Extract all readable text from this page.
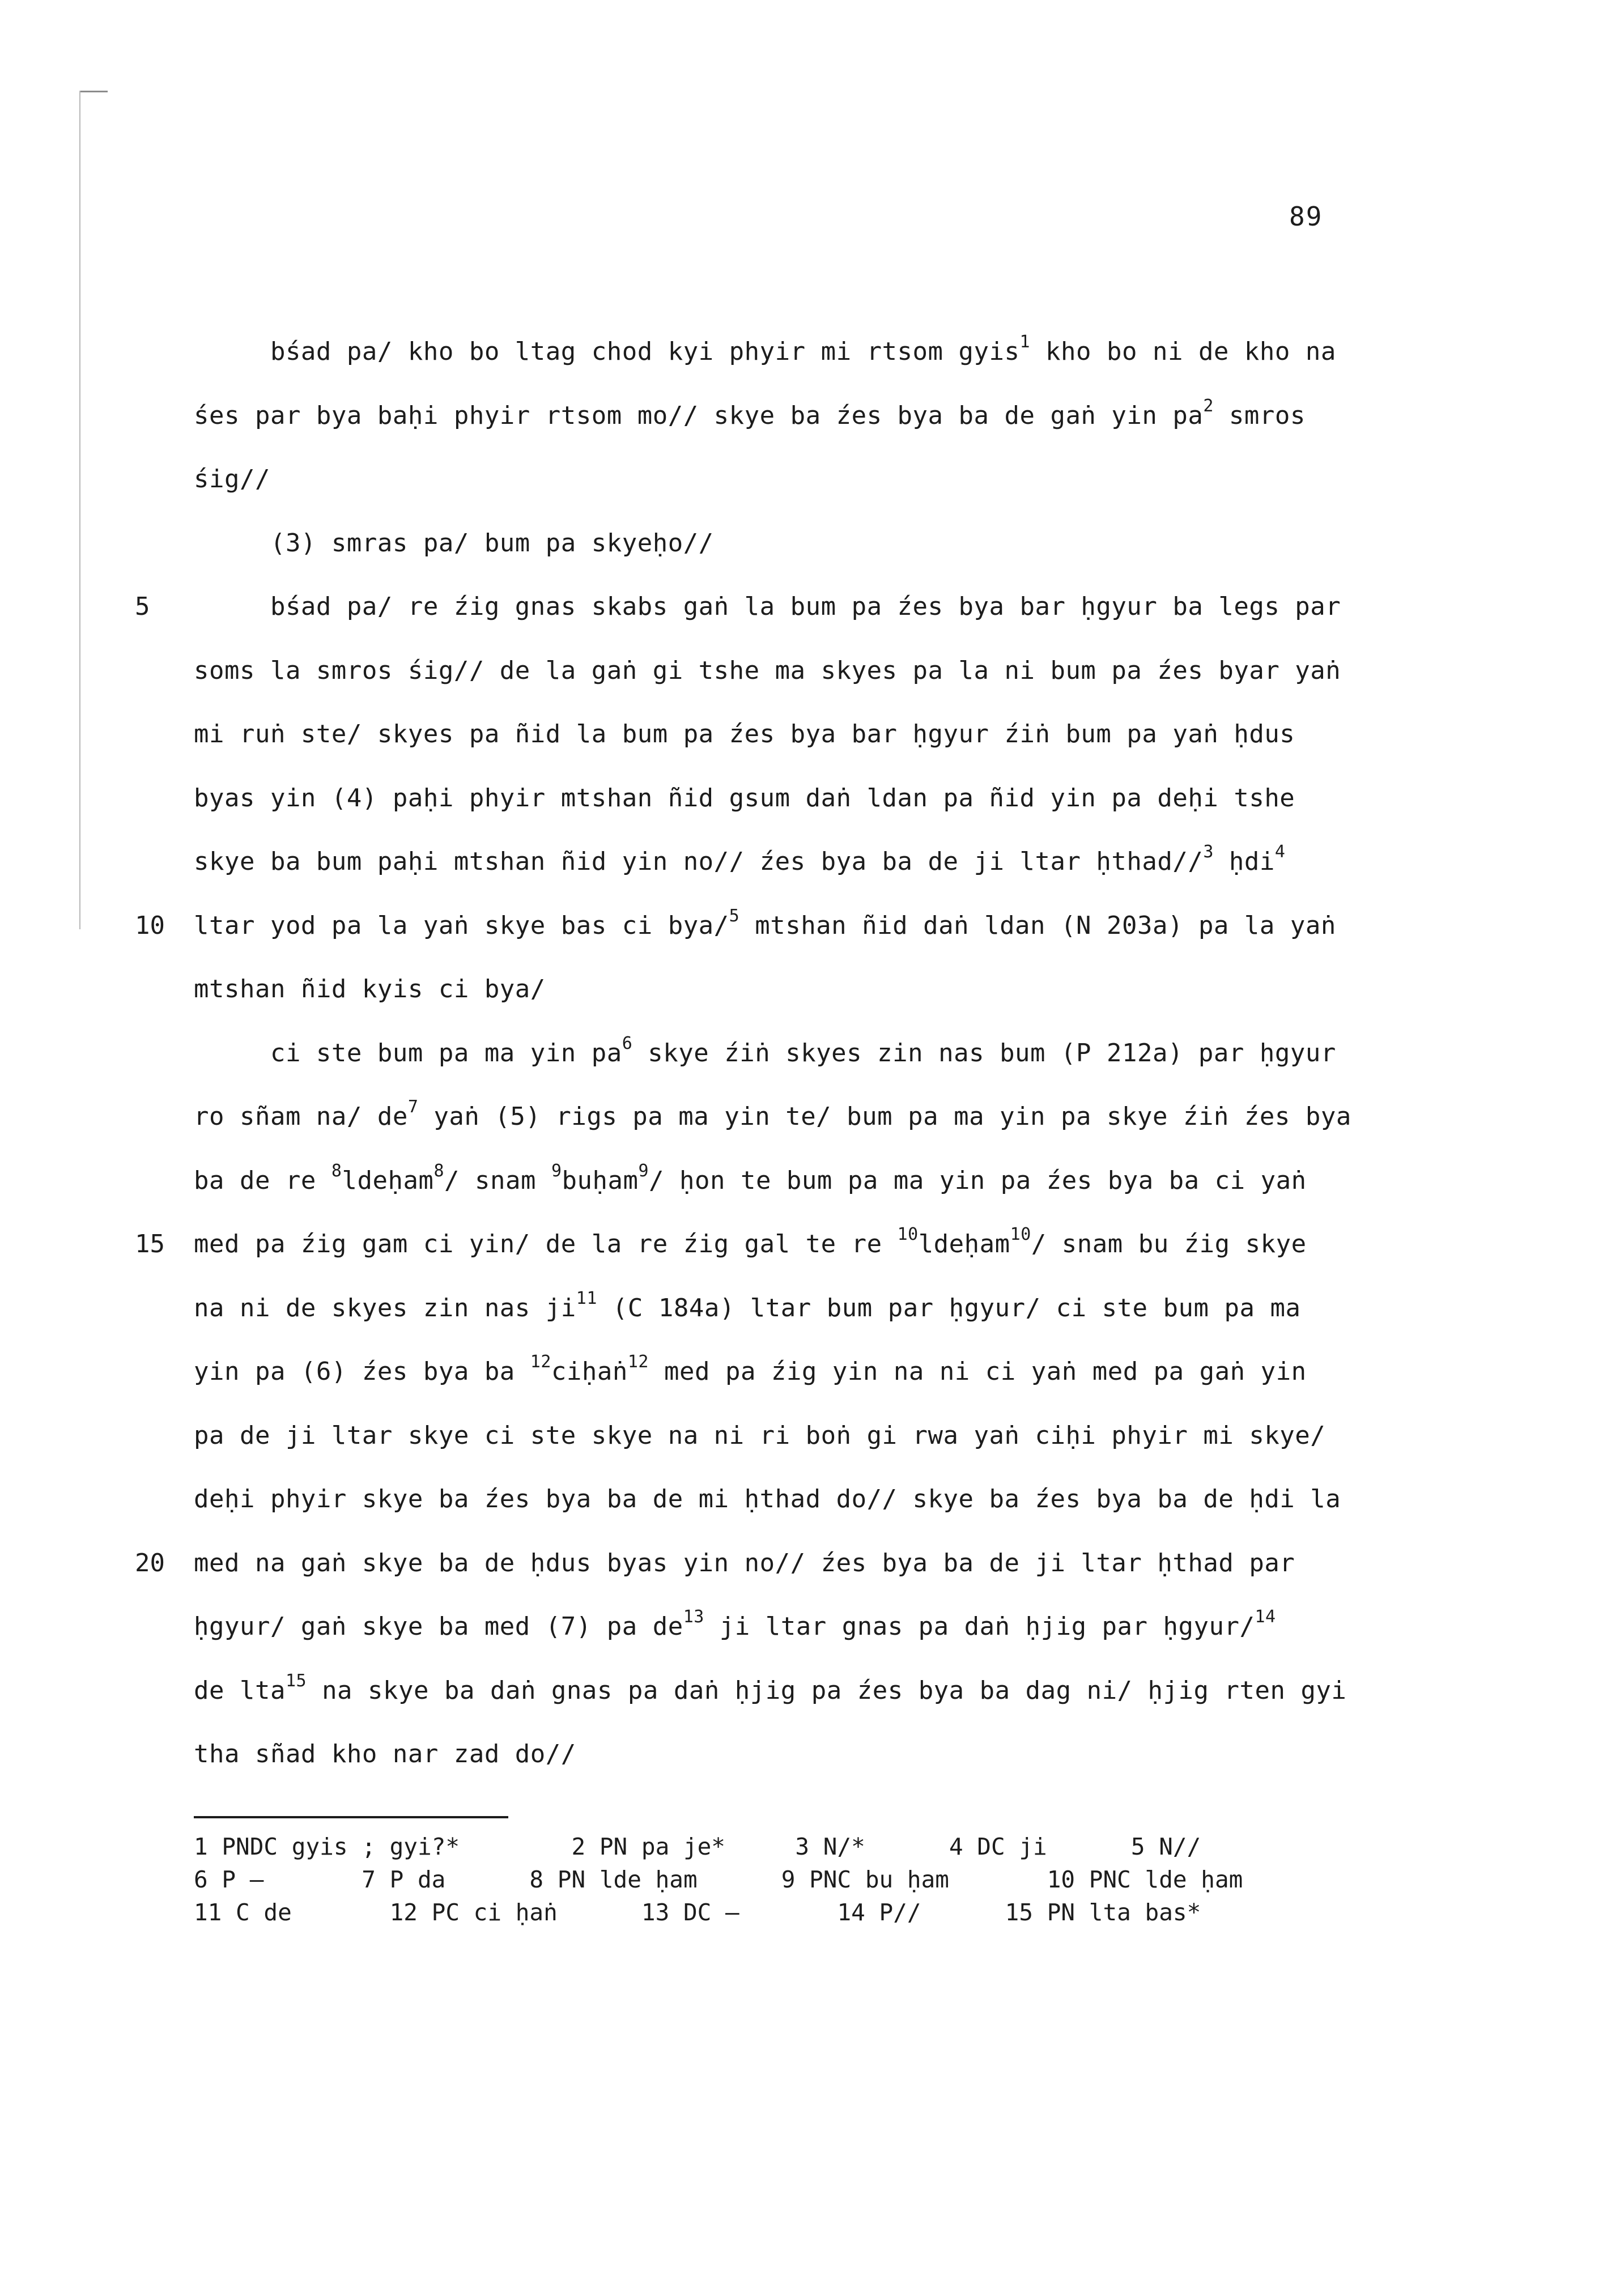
89
bśad pa/ kho bo ltag chod kyi phyir mi rtsom gyis$^1$ kho bo ni de kho na
śes par bya baḥi phyir rtsom mo// skye ba źes bya ba de gaṅ yin $pa^2$ smros
śig//
(3) smras pa/ bum pa skyeḥo//
bśad pa/ re źig gnas skabs gaṅ la bum pa źes bya bar ḥgyur ba legs par
soms la smros śig// de la gaṅ gi tshe ma skyes pa la ni bum pa źes byar yaṅ
mi ruṅ ste/ skyes pa ñid la bum pa źes bya bar ḥgyur źiṅ bum pa yaṅ ḥdus
byas yin (4) paḥi phyir mtshan ñid gsum daṅ ldan pa ñid yin pa deḥi tshe
skye ba bum paḥi mtshan ñid yin no// źes bya ba de ji ltar ḥthad//$^3$ ḥdi$^4$
ltar yod pa la yaṅ skye bas ci bya/$^5$ mtshan ñid daṅ ldan (N 203a) pa la yaṅ
mtshan ñid kyis ci bya/
ci ste bum pa ma yin $pa^6$ skye źiṅ skyes zin nas bum (P 212a) par ḥgyur
ro sñam na/ $de^7$ yaṅ (5) rigs pa ma yin te/ bum pa ma yin pa skye źiṅ źes bya
ba de re $^8$ldeḥam$^8$/ snam $^9$buḥam$^9$/ ḥon te bum pa ma yin pa źes bya ba ci yaṅ
med pa źig gam ci yin/ de la re źig gal te re $^{10}$ldeḥam$^{10}$/ snam bu źig skye
na ni de skyes zin nas $ji^{11}$ (C 184a) ltar bum par ḥgyur/ ci ste bum pa ma
yin pa (6) źes bya ba $^{12}$ciḥaṅ$^{12}$ med pa źig yin na ni ci yaṅ med pa gaṅ yin
pa de ji ltar skye ci ste skye na ni ri boṅ gi rwa yaṅ ciḥi phyir mi skye/
deḥi phyir skye ba źes bya ba de mi ḥthad do// skye ba źes bya ba de ḥdi la
med na gaṅ skye ba de ḥdus byas yin no// źes bya ba de ji ltar ḥthad par
ḥgyur/ gaṅ skye ba med (7) pa $de^{13}$ ji ltar gnas pa daṅ ḥjig par ḥgyur/$^{14}$
de lta$^{15}$ na skye ba daṅ gnas pa daṅ ḥjig pa źes bya ba dag ni/ ḥjig rten gyi
tha sñad kho nar zad do//
5
10
15
20
1 PNDC gyis ; gyi?*        2 PN pa je*     3 N/*      4 DC ji      5 N//
6 P —       7 P da      8 PN lde ḥam      9 PNC bu ḥam       10 PNC lde ḥam
11 C de       12 PC ci ḥaṅ      13 DC —       14 P//      15 PN lta bas*
